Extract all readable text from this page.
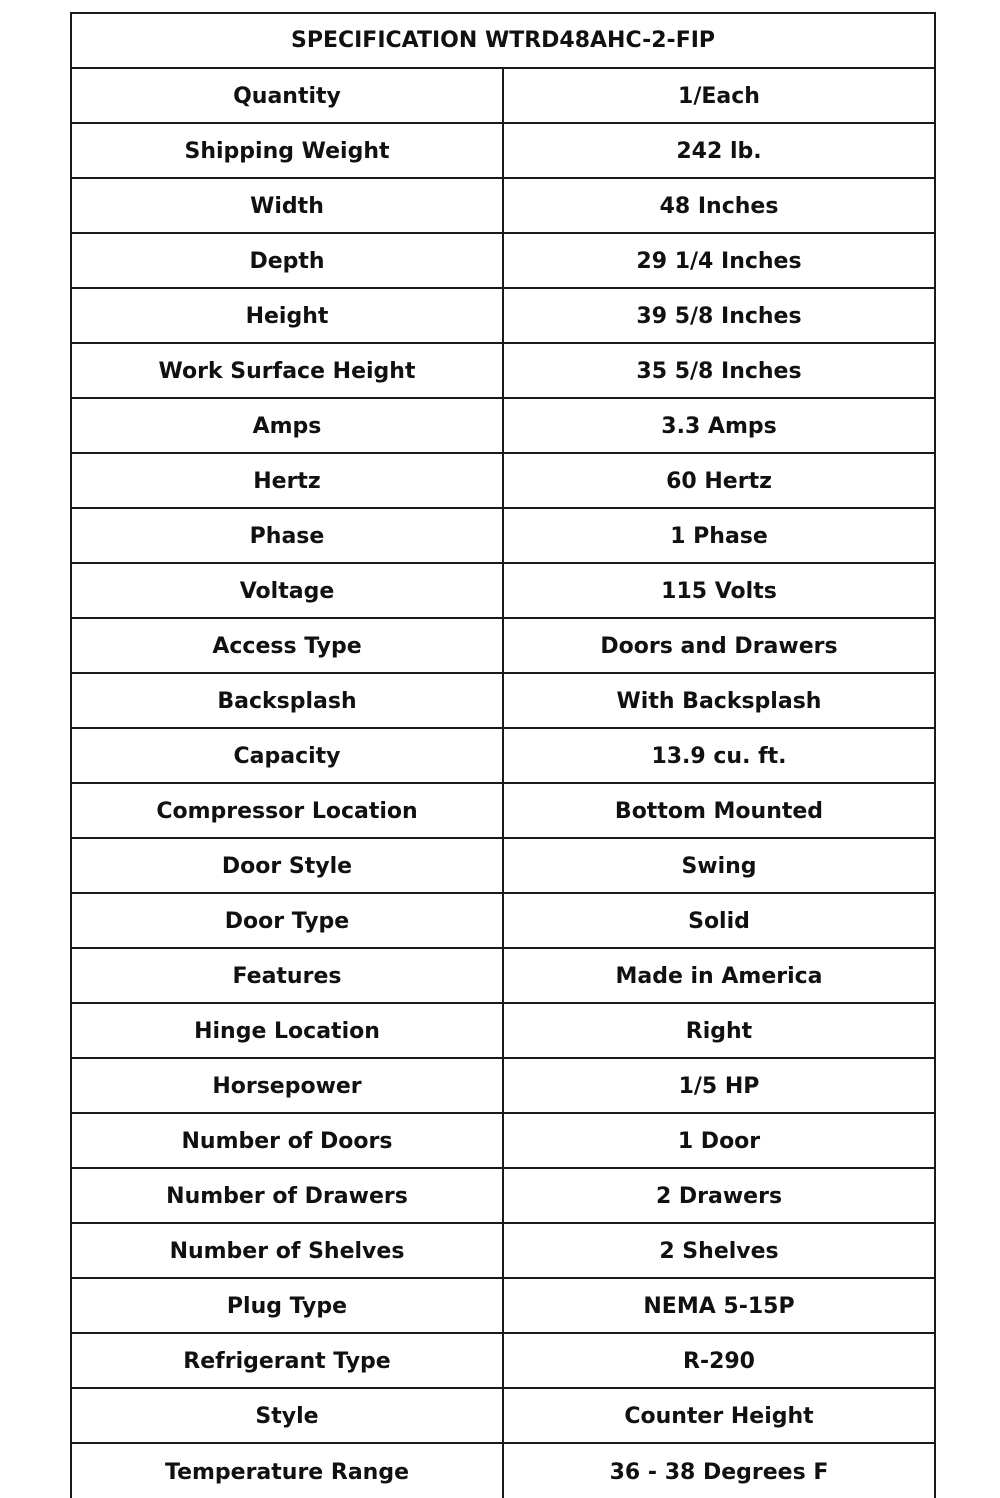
SPECIFICATION WTRD48AHC-2-FIP	
Quantity	1/Each
Shipping Weight	242 lb.
Width	48 Inches
Depth	29 1/4 Inches
Height	39 5/8 Inches
Work Surface Height	35 5/8 Inches
Amps	3.3 Amps
Hertz	60 Hertz
Phase	1 Phase
Voltage	115 Volts
Access Type	Doors and Drawers
Backsplash	With Backsplash
Capacity	13.9 cu. ft.
Compressor Location	Bottom Mounted
Door Style	Swing
Door Type	Solid
Features	Made in America
Hinge Location	Right
Horsepower	1/5 HP
Number of Doors	1 Door
Number of Drawers	2 Drawers
Number of Shelves	2 Shelves
Plug Type	NEMA 5-15P
Refrigerant Type	R-290
Style	Counter Height
Temperature Range	36 - 38 Degrees F
